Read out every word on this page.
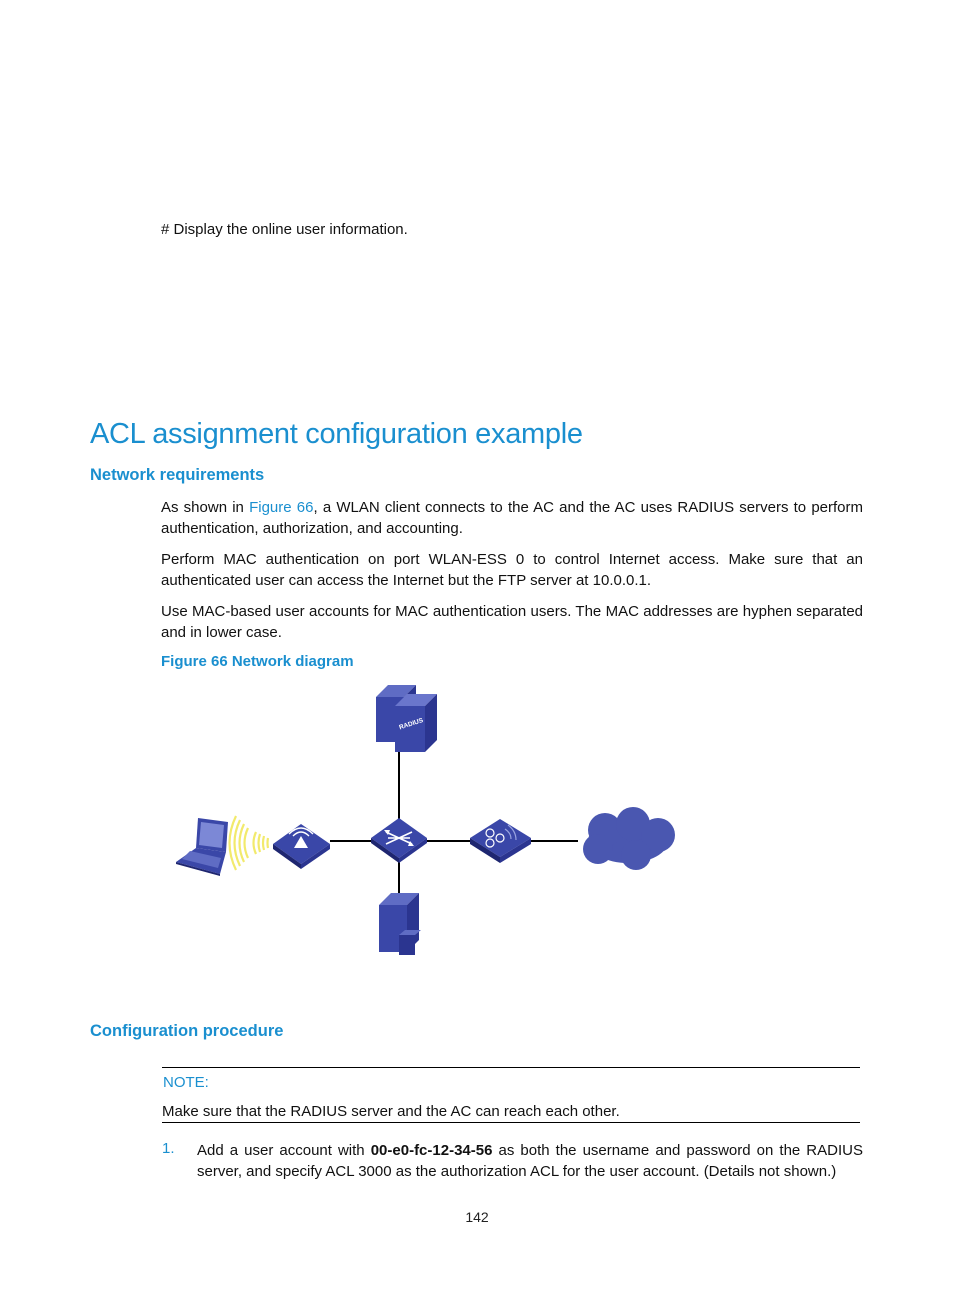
# Display the online user information.
ACL assignment configuration example
Network requirements
As shown in Figure 66, a WLAN client connects to the AC and the AC uses RADIUS servers to perform authentication, authorization, and accounting.
Perform MAC authentication on port WLAN-ESS 0 to control Internet access. Make sure that an authenticated user can access the Internet but the FTP server at 10.0.0.1.
Use MAC-based user accounts for MAC authentication users. The MAC addresses are hyphen separated and in lower case.
Figure 66 Network diagram
RADIUS
Configuration procedure
NOTE:
Make sure that the RADIUS server and the AC can reach each other.
1. Add a user account with 00-e0-fc-12-34-56 as both the username and password on the RADIUS server, and specify ACL 3000 as the authorization ACL for the user account. (Details not shown.)
142
